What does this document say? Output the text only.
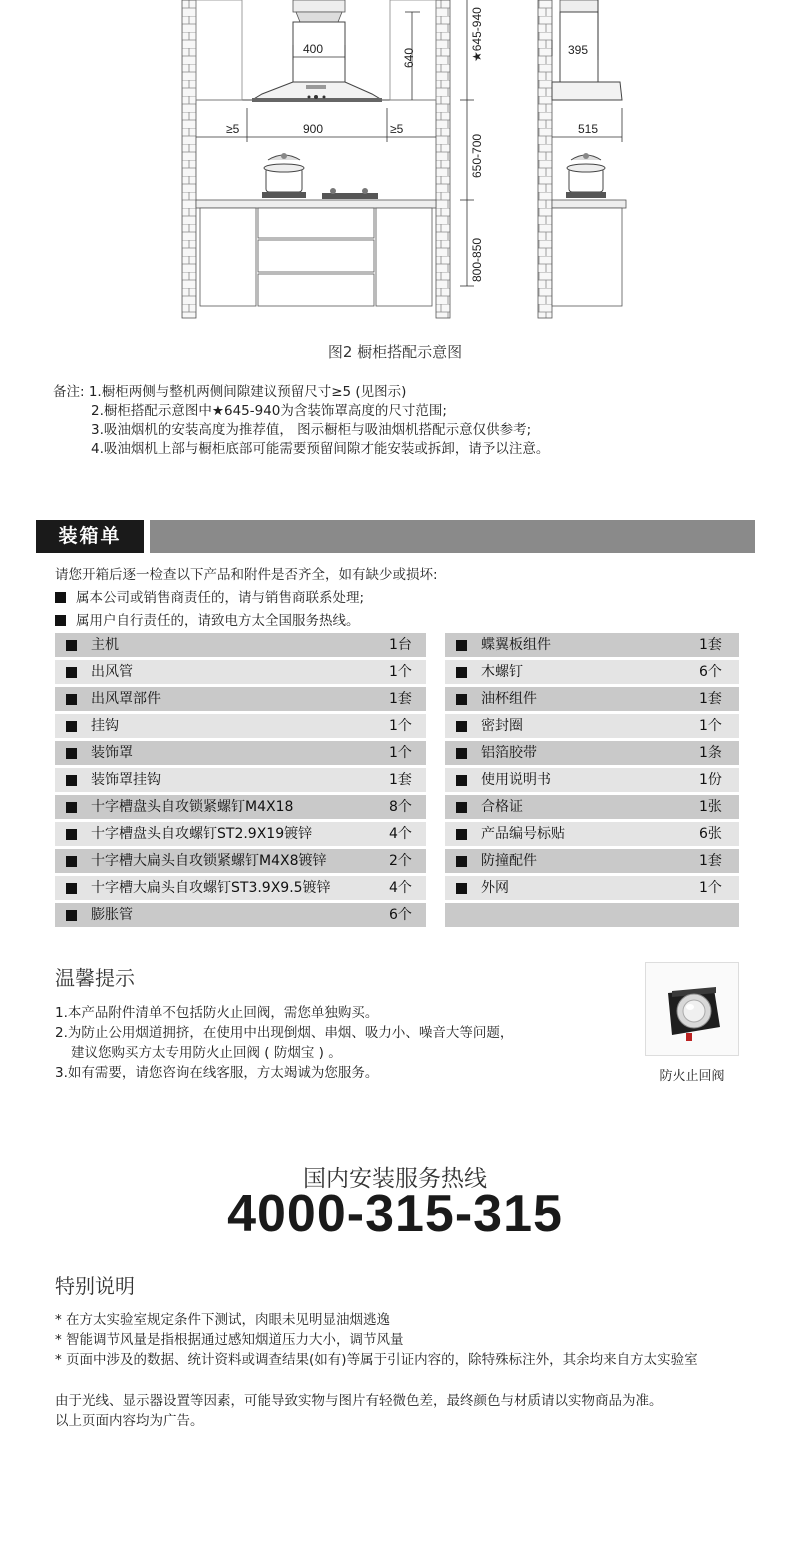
400	640	★645-940
≥5	900	≥5
650-700
800-850
395
515
图2 橱柜搭配示意图
备注: 1.橱柜两侧与整机两侧间隙建议预留尺寸≥5 (见图示)
2.橱柜搭配示意图中★645-940为含装饰罩高度的尺寸范围;
3.吸油烟机的安装高度为推荐值， 图示橱柜与吸油烟机搭配示意仅供参考;
4.吸油烟机上部与橱柜底部可能需要预留间隙才能安装或拆卸，请予以注意。
装箱单
请您开箱后逐一检查以下产品和附件是否齐全，如有缺少或损坏:
属本公司或销售商责任的，请与销售商联系处理;
属用户自行责任的，请致电方太全国服务热线。
主机	1台
出风管	1个
出风罩部件	1套
挂钩	1个
装饰罩	1个
装饰罩挂钩	1套
十字槽盘头自攻锁紧螺钉M4X18	8个
十字槽盘头自攻螺钉ST2.9X19镀锌	4个
十字槽大扁头自攻锁紧螺钉M4X8镀锌	2个
十字槽大扁头自攻螺钉ST3.9X9.5镀锌	4个
膨胀管	6个
蝶翼板组件	1套
木螺钉	6个
油杯组件	1套
密封圈	1个
铝箔胶带	1条
使用说明书	1份
合格证	1张
产品编号标贴	6张
防撞配件	1套
外网	1个
温馨提示
1.本产品附件清单不包括防火止回阀，需您单独购买。
2.为防止公用烟道拥挤，在使用中出现倒烟、串烟、吸力小、噪音大等问题，
建议您购买方太专用防火止回阀 ( 防烟宝 ) 。
3.如有需要，请您咨询在线客服，方太竭诚为您服务。	防火止回阀
国内安装服务热线
4000-315-315
特别说明
* 在方太实验室规定条件下测试，肉眼未见明显油烟逃逸
* 智能调节风量是指根据通过感知烟道压力大小，调节风量
* 页面中涉及的数据、统计资料或调查结果(如有)等属于引证内容的，除特殊标注外，其余均来自方太实验室
由于光线、显示器设置等因素，可能导致实物与图片有轻微色差，最终颜色与材质请以实物商品为准。
以上页面内容均为广告。
